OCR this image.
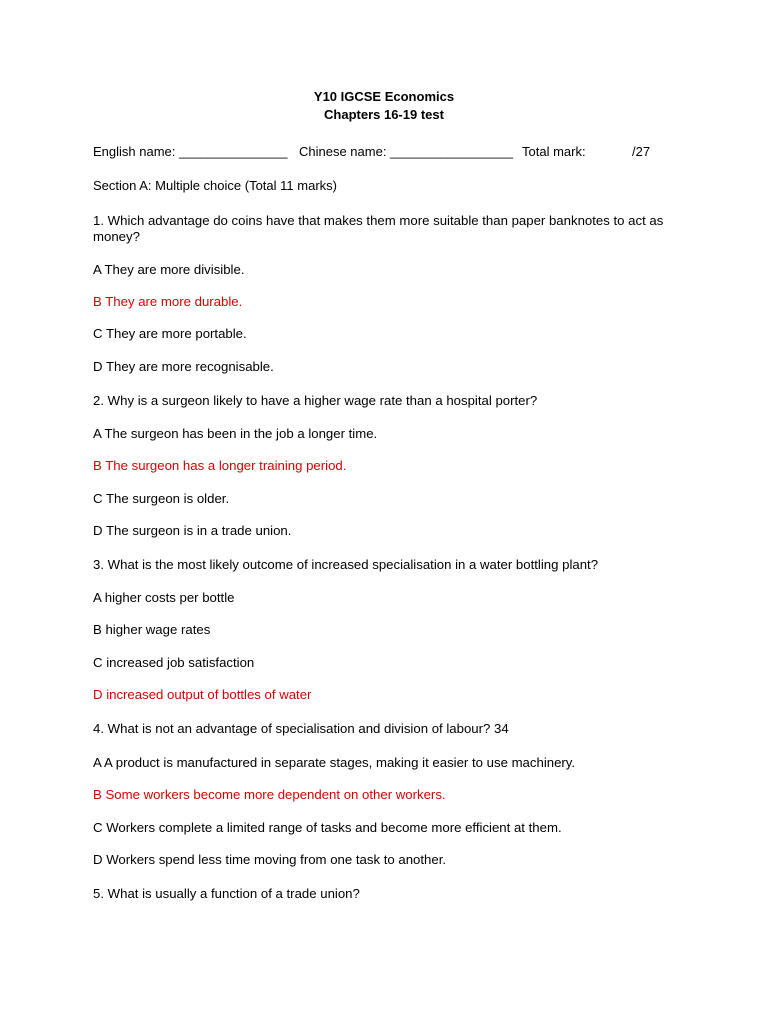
Y10 IGCSE Economics
Chapters 16-19 test
English name: _______________ Chinese name: _________________ Total mark:	/27
Section A: Multiple choice (Total 11 marks)
1. Which advantage do coins have that makes them more suitable than paper banknotes to act as money?
A They are more divisible.
B They are more durable.
C They are more portable.
D They are more recognisable.
2. Why is a surgeon likely to have a higher wage rate than a hospital porter?
A The surgeon has been in the job a longer time.
B The surgeon has a longer training period.
C The surgeon is older.
D The surgeon is in a trade union.
3. What is the most likely outcome of increased specialisation in a water bottling plant?
A higher costs per bottle
B higher wage rates
C increased job satisfaction
D increased output of bottles of water
4. What is not an advantage of specialisation and division of labour? 34
A A product is manufactured in separate stages, making it easier to use machinery.
B Some workers become more dependent on other workers.
C Workers complete a limited range of tasks and become more efficient at them.
D Workers spend less time moving from one task to another.
5. What is usually a function of a trade union?
